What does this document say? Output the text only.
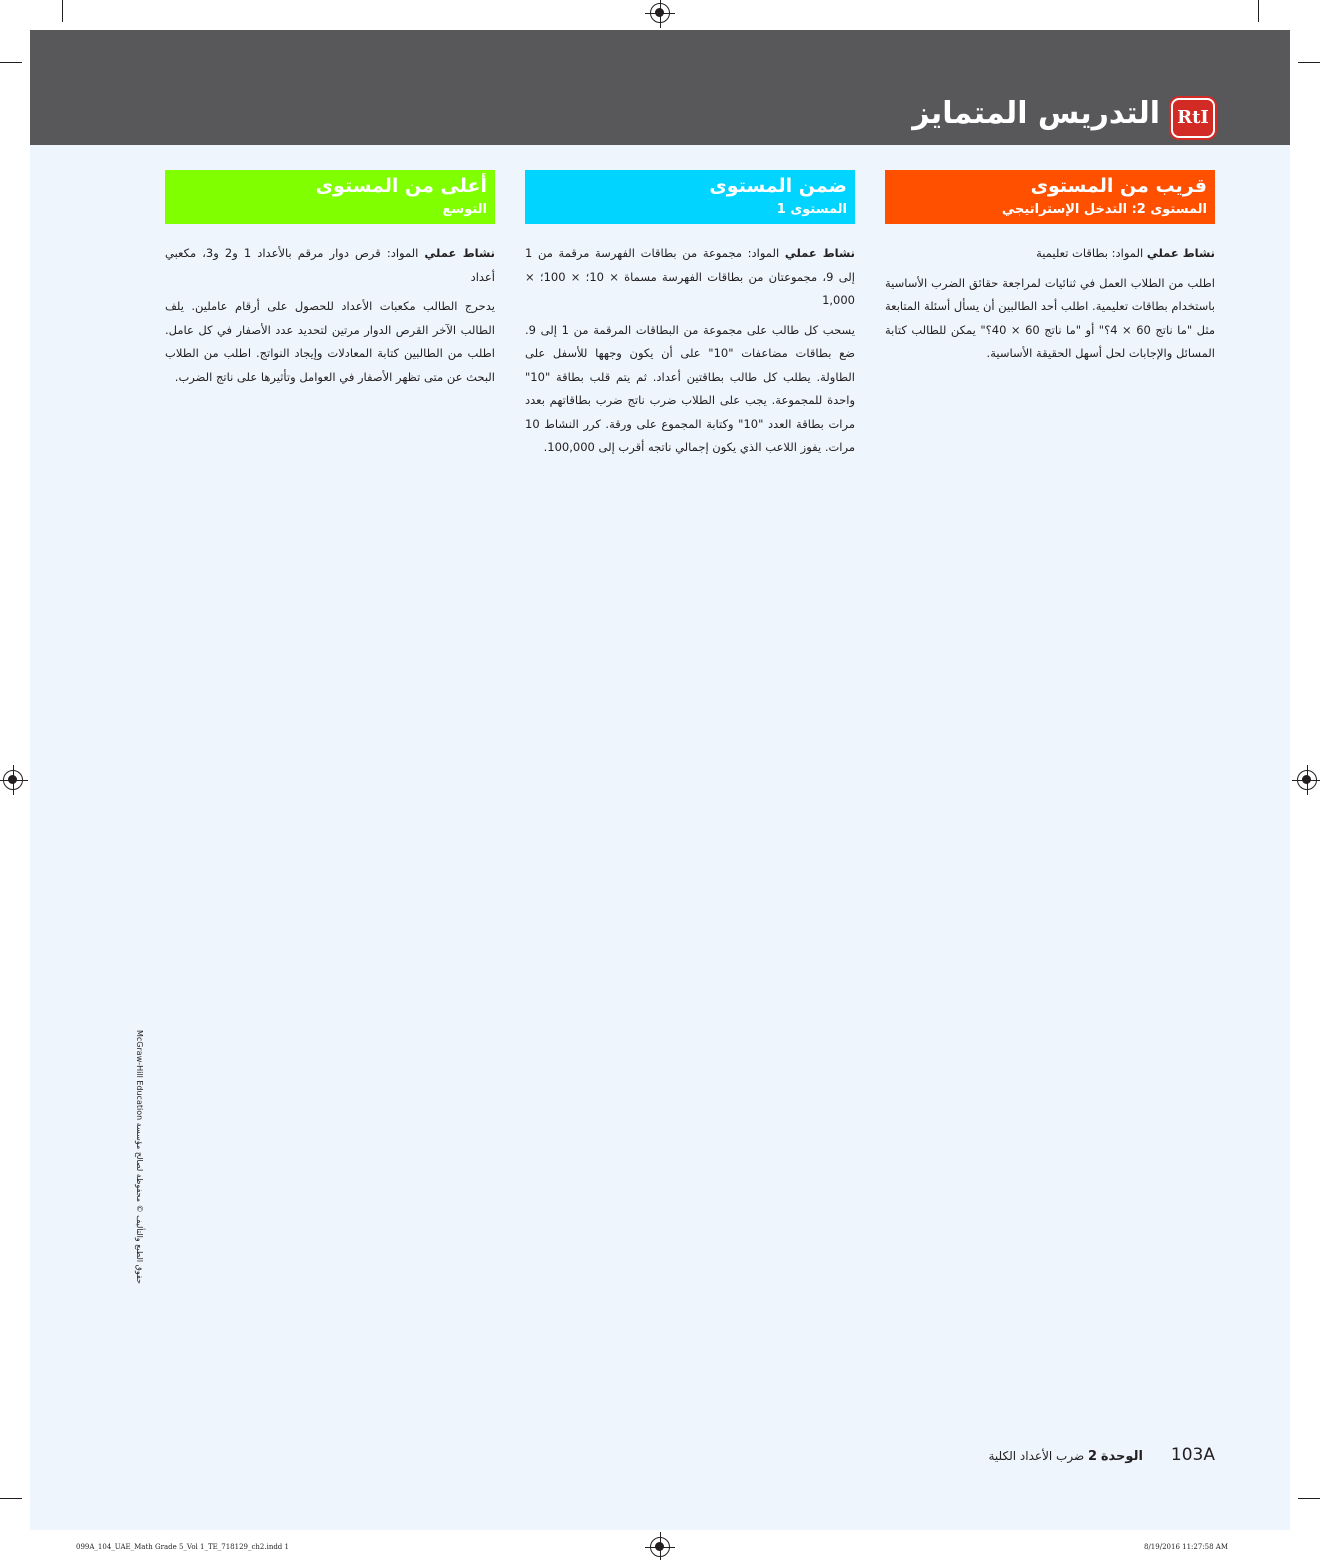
التدريس المتمايز RtI
قريب من المستوى
المستوى 2: التدخل الإستراتيجي

نشاط عملي المواد: بطاقات تعليمية

اطلب من الطلاب العمل في ثنائيات لمراجعة حقائق الضرب الأساسية باستخدام بطاقات تعليمية. اطلب أحد الطالبين أن يسأل أسئلة المتابعة مثل "ما ناتج 60 × 4؟" أو "ما ناتج 60 × 40؟" يمكن للطالب كتابة المسائل والإجابات لحل أسهل الحقيقة الأساسية.

ضمن المستوى
المستوى 1

نشاط عملي المواد: مجموعة من بطاقات الفهرسة مرقمة من 1 إلى 9، مجموعتان من بطاقات الفهرسة مسماة × 10؛ × 100؛ × 1,000

يسحب كل طالب على مجموعة من البطاقات المرقمة من 1 إلى 9. ضع بطاقات مضاعفات "10" على أن يكون وجهها للأسفل على الطاولة. يطلب كل طالب بطاقتين أعداد. ثم يتم قلب بطاقة "10" واحدة للمجموعة. يجب على الطلاب ضرب ناتج ضرب بطاقاتهم بعدد مرات بطاقة العدد "10" وكتابة المجموع على ورقة. كرر النشاط 10 مرات. يفوز اللاعب الذي يكون إجمالي ناتجه أقرب إلى 100,000.

أعلى من المستوى
التوسع

نشاط عملي المواد: قرص دوار مرقم بالأعداد 1 و2 و3، مكعبي أعداد

يدحرج الطالب مكعبات الأعداد للحصول على أرقام عاملين. يلف الطالب الآخر القرص الدوار مرتين لتحديد عدد الأصفار في كل عامل. اطلب من الطالبين كتابة المعادلات وإيجاد النواتج. اطلب من الطلاب البحث عن متى تظهر الأصفار في العوامل وتأثيرها على ناتج الضرب.

حقوق الطبع والتأليف © محفوظة لصالح مؤسسة McGraw-Hill Education
103A
الوحدة 2 ضرب الأعداد الكلية
099A_104_UAE_Math Grade 5_Vol 1_TE_718129_ch2.indd 1	8/19/2016 11:27:58 AM
